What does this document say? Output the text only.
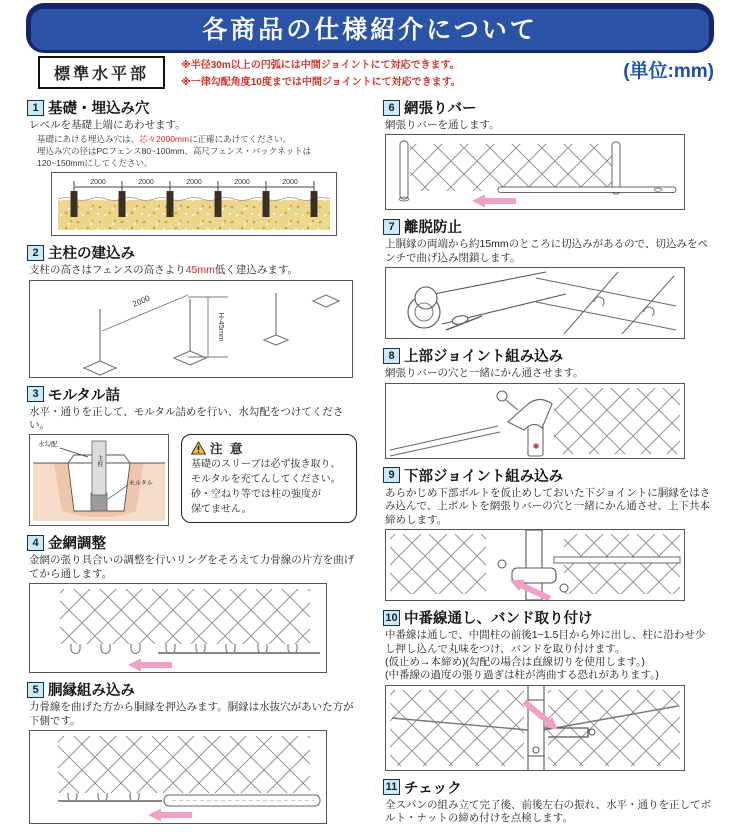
各商品の仕様紹介について
標準水平部
※半径30m以上の円弧には中間ジョイントにて対応できます。
※一律勾配角度10度までは中間ジョイントにて対応できます。	(単位:mm)
1 基礎・埋込み穴
レベルを基礎上端にあわせます。
基礎にあける埋込み穴は、芯々2000mmに正確にあけてください。
埋込み穴の径はPCフェンス80~100mm、高尺フェンス・バックネットは120~150mmにしてください。
2000	2000	2000	2000	2000
2 主柱の建込み
支柱の高さはフェンスの高さより45mm低く建込みます。
2000
H-45mm
3 モルタル詰
水平・通りを正して、モルタル詰めを行い、水勾配をつけてください。
水勾配
主柱
モルタル
注 意
基礎のスリーブは必ず抜き取り、
モルタルを充てんしてください。
砂・空ねり等では柱の強度が
保てません。
4 金網調整
金網の張り具合いの調整を行いリングをそろえて力骨線の片方を曲げてから通します。
5 胴縁組み込み
力骨線を曲げた方から胴縁を押込みます。胴縁は水抜穴があいた方が下側です。
6 網張りバー
網張りバーを通します。
7 離脱防止
上胴縁の両端から約15mmのところに切込みがあるので、切込みをペンチで曲げ込み閉鎖します。
8 上部ジョイント組み込み
網張りバーの穴と一緒にかん通させます。
9 下部ジョイント組み込み
あらかじめ下部ボルトを仮止めしておいた下ジョイントに胴縁をはさみ込んで、上ボルトを網張りバーの穴と一緒にかん通させ、上下共本締めします。
10 中番線通し、バンド取り付け
中番線は通しで、中間柱の前後1~1.5目から外に出し、柱に沿わせ少し押し込んで丸味をつけ、バンドを取り付けます。
(仮止め→本締め)(勾配の場合は直線切りを使用します。)
(中番線の過度の張り過ぎは柱が湾曲する恐れがあります。)
11 チェック
全スパンの組み立て完了後、前後左右の振れ、水平・通りを正してボルト・ナットの締め付けを点検します。
